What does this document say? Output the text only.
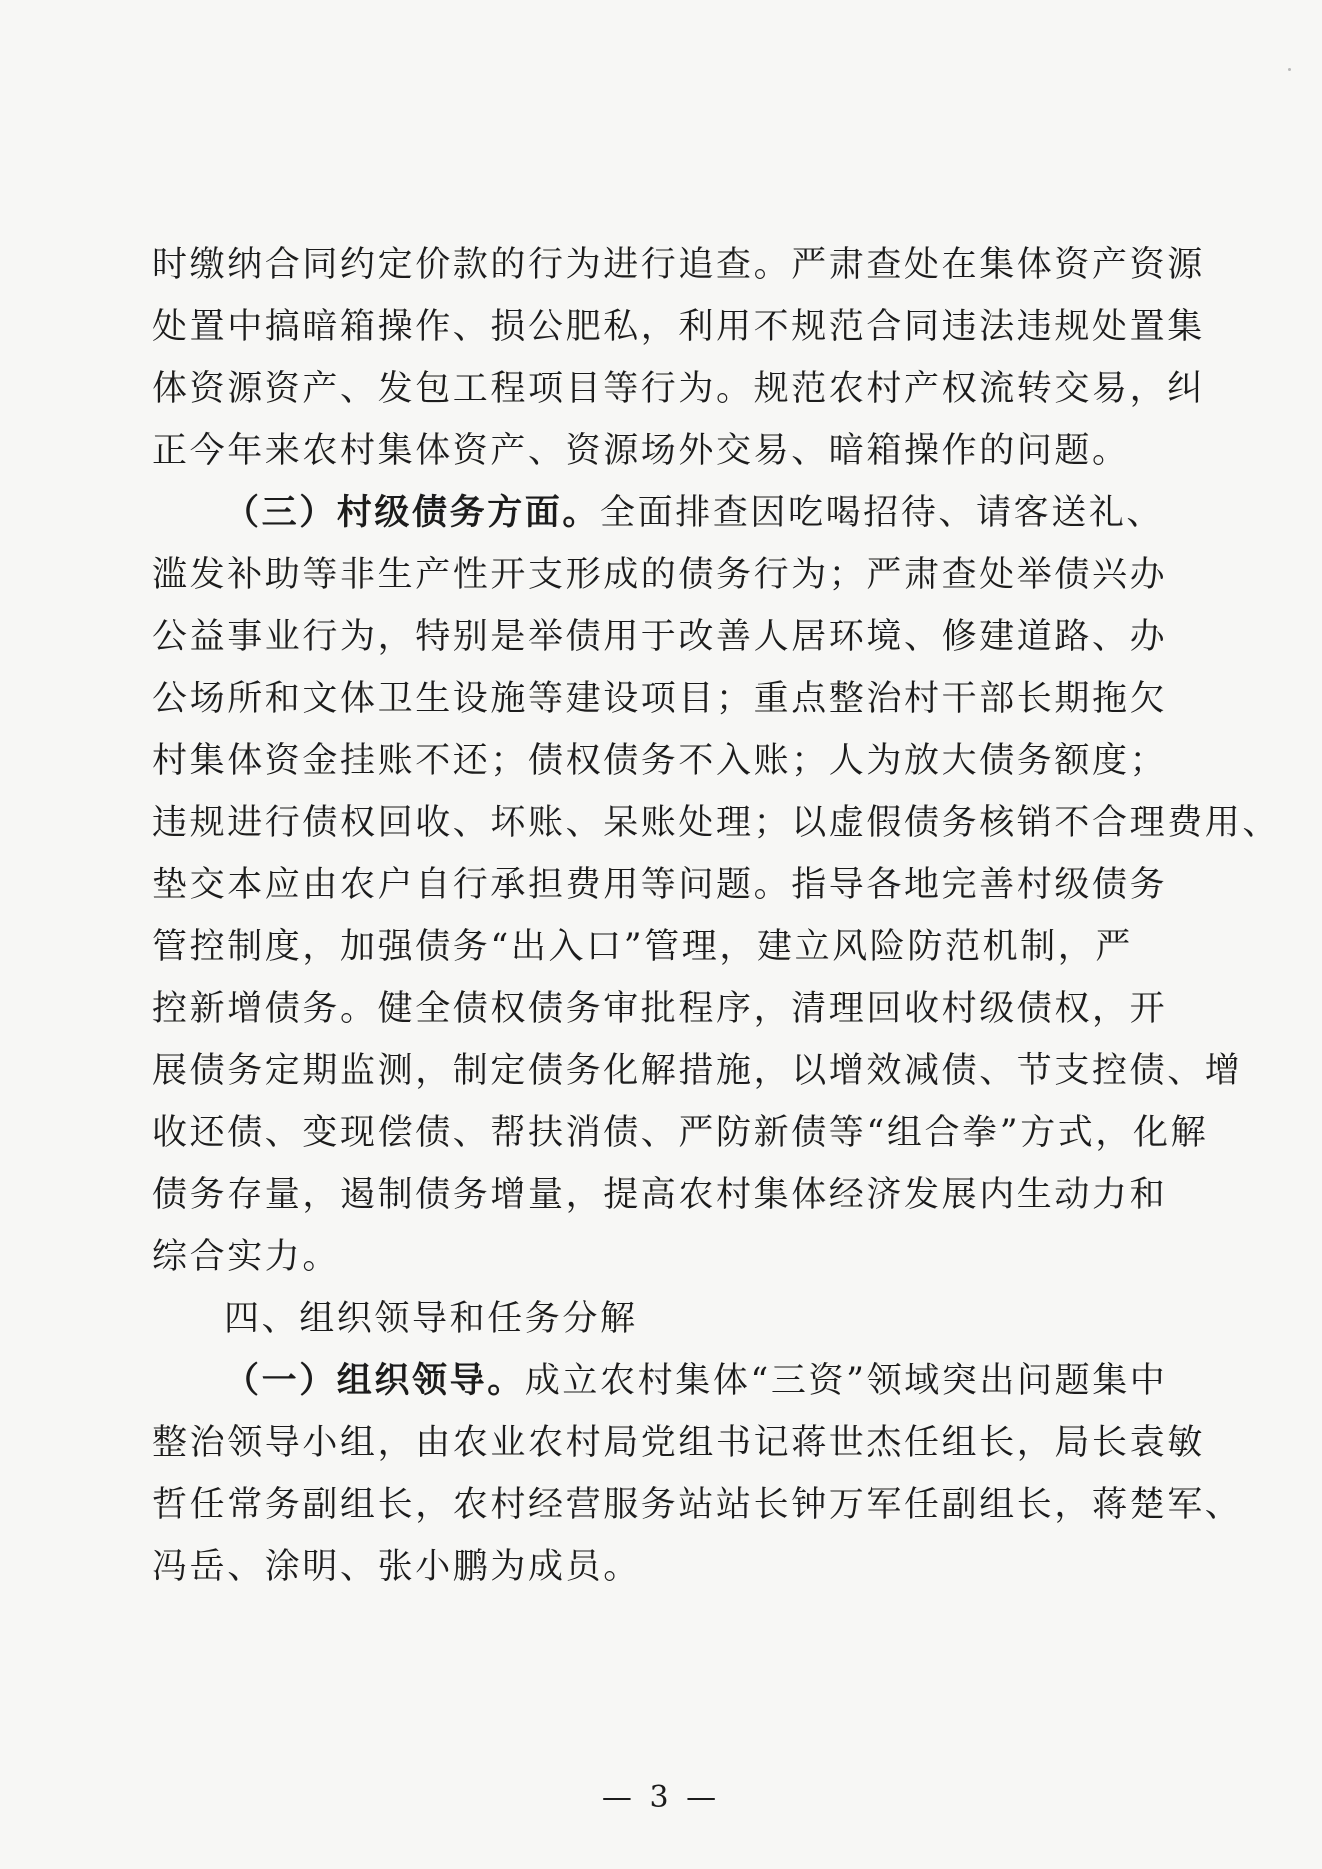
时缴纳合同约定价款的行为进行追查。严肃查处在集体资产资源
处置中搞暗箱操作、损公肥私，利用不规范合同违法违规处置集
体资源资产、发包工程项目等行为。规范农村产权流转交易，纠
正今年来农村集体资产、资源场外交易、暗箱操作的问题。
（三）村级债务方面。全面排查因吃喝招待、请客送礼、
滥发补助等非生产性开支形成的债务行为；严肃查处举债兴办
公益事业行为，特别是举债用于改善人居环境、修建道路、办
公场所和文体卫生设施等建设项目；重点整治村干部长期拖欠
村集体资金挂账不还；债权债务不入账；人为放大债务额度；
违规进行债权回收、坏账、呆账处理；以虚假债务核销不合理费用、
垫交本应由农户自行承担费用等问题。指导各地完善村级债务
管控制度，加强债务“出入口”管理，建立风险防范机制，严
控新增债务。健全债权债务审批程序，清理回收村级债权，开
展债务定期监测，制定债务化解措施，以增效减债、节支控债、增
收还债、变现偿债、帮扶消债、严防新债等“组合拳”方式，化解
债务存量，遏制债务增量，提高农村集体经济发展内生动力和
综合实力。
四、组织领导和任务分解
（一）组织领导。成立农村集体“三资”领域突出问题集中
整治领导小组，由农业农村局党组书记蒋世杰任组长，局长袁敏
哲任常务副组长，农村经营服务站站长钟万军任副组长，蒋楚军、
冯岳、涂明、张小鹏为成员。
— 3 —
